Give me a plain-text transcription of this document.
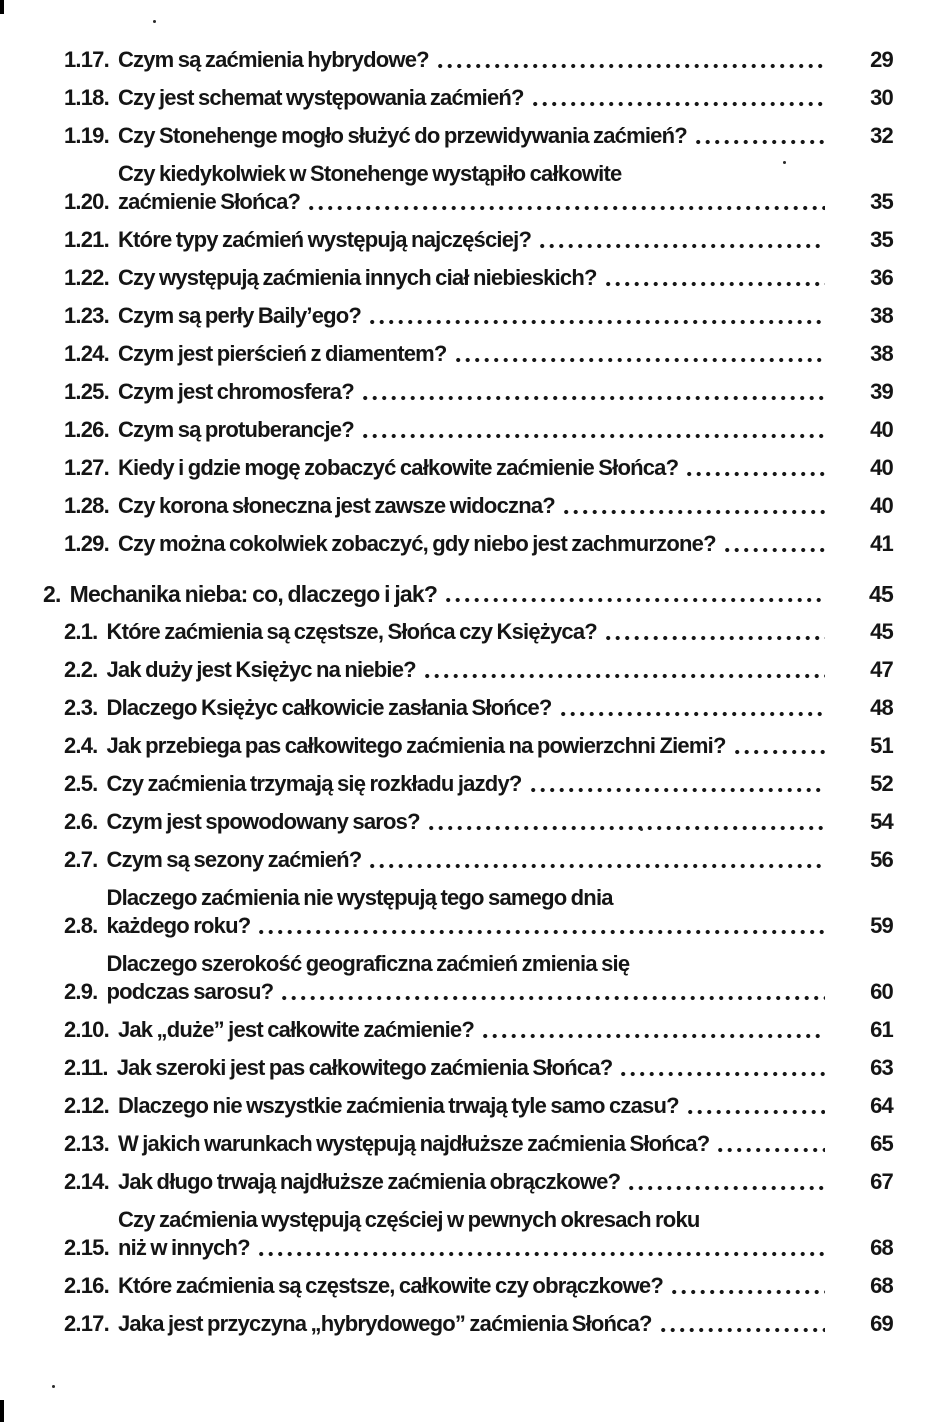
1.17. Czym są zaćmienia hybrydowe?	29
1.18. Czy jest schemat występowania zaćmień?	30
1.19. Czy Stonehenge mogło służyć do przewidywania zaćmień?	32
1.20.
Czy kiedykolwiek w Stonehenge wystąpiło całkowite
zaćmienie Słońca?	35
1.21. Które typy zaćmień występują najczęściej?	35
1.22. Czy występują zaćmienia innych ciał niebieskich?	36
1.23. Czym są perły Baily’ego?	38
1.24. Czym jest pierścień z diamentem?	38
1.25. Czym jest chromosfera?	39
1.26. Czym są protuberancje?	40
1.27. Kiedy i gdzie mogę zobaczyć całkowite zaćmienie Słońca?	40
1.28. Czy korona słoneczna jest zawsze widoczna?	40
1.29. Czy można cokolwiek zobaczyć, gdy niebo jest zachmurzone?	41
2. Mechanika nieba: co, dlaczego i jak?	45
2.1. Które zaćmienia są częstsze, Słońca czy Księżyca?	45
2.2. Jak duży jest Księżyc na niebie?	47
2.3. Dlaczego Księżyc całkowicie zasłania Słońce?	48
2.4. Jak przebiega pas całkowitego zaćmienia na powierzchni Ziemi?	51
2.5. Czy zaćmienia trzymają się rozkładu jazdy?	52
2.6. Czym jest spowodowany saros?	54
2.7. Czym są sezony zaćmień?	56
2.8.
Dlaczego zaćmienia nie występują tego samego dnia
każdego roku?	59
2.9.
Dlaczego szerokość geograficzna zaćmień zmienia się
podczas sarosu?	60
2.10. Jak „duże” jest całkowite zaćmienie?	61
2.11. Jak szeroki jest pas całkowitego zaćmienia Słońca?	63
2.12. Dlaczego nie wszystkie zaćmienia trwają tyle samo czasu?	64
2.13. W jakich warunkach występują najdłuższe zaćmienia Słońca?	65
2.14. Jak długo trwają najdłuższe zaćmienia obrączkowe?	67
2.15.
Czy zaćmienia występują częściej w pewnych okresach roku
niż w innych?	68
2.16. Które zaćmienia są częstsze, całkowite czy obrączkowe?	68
2.17. Jaka jest przyczyna „hybrydowego” zaćmienia Słońca?	69
